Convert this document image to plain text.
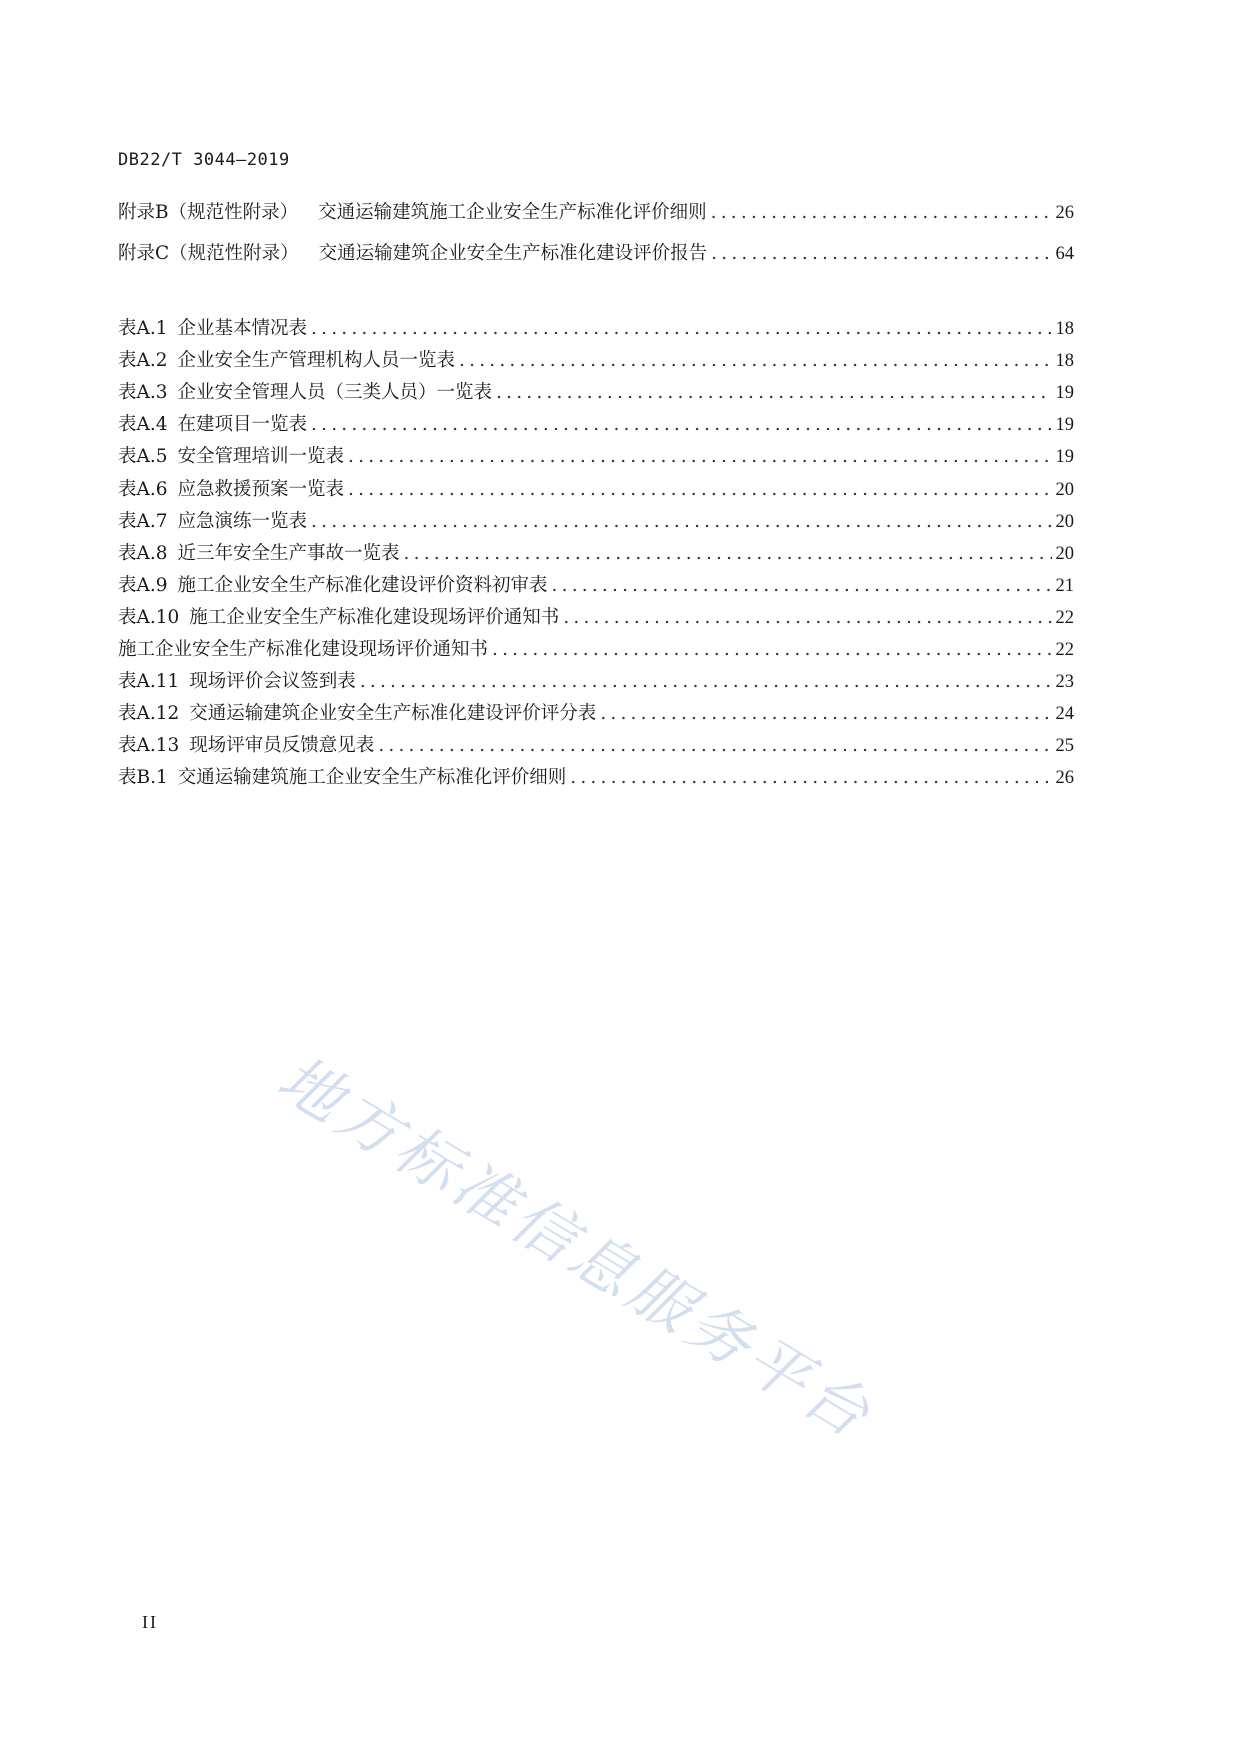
DB22/T 3044—2019
附录B（规范性附录） 交通运输建筑施工企业安全生产标准化评价细则 .....	26
附录C（规范性附录） 交通运输建筑企业安全生产标准化建设评价报告 .....	64
表A.1 企业基本情况表 .....	18
表A.2 企业安全生产管理机构人员一览表 .....	18
表A.3 企业安全管理人员（三类人员）一览表 .....	19
表A.4 在建项目一览表 .....	19
表A.5 安全管理培训一览表 .....	19
表A.6 应急救援预案一览表 .....	20
表A.7 应急演练一览表 .....	20
表A.8 近三年安全生产事故一览表 .....	20
表A.9 施工企业安全生产标准化建设评价资料初审表 .....	21
表A.10 施工企业安全生产标准化建设现场评价通知书 .....	22
施工企业安全生产标准化建设现场评价通知书 .....	22
表A.11 现场评价会议签到表 .....	23
表A.12 交通运输建筑企业安全生产标准化建设评价评分表 .....	24
表A.13 现场评审员反馈意见表 .....	25
表B.1 交通运输建筑施工企业安全生产标准化评价细则 .....	26
地方标准信息服务平台
II
